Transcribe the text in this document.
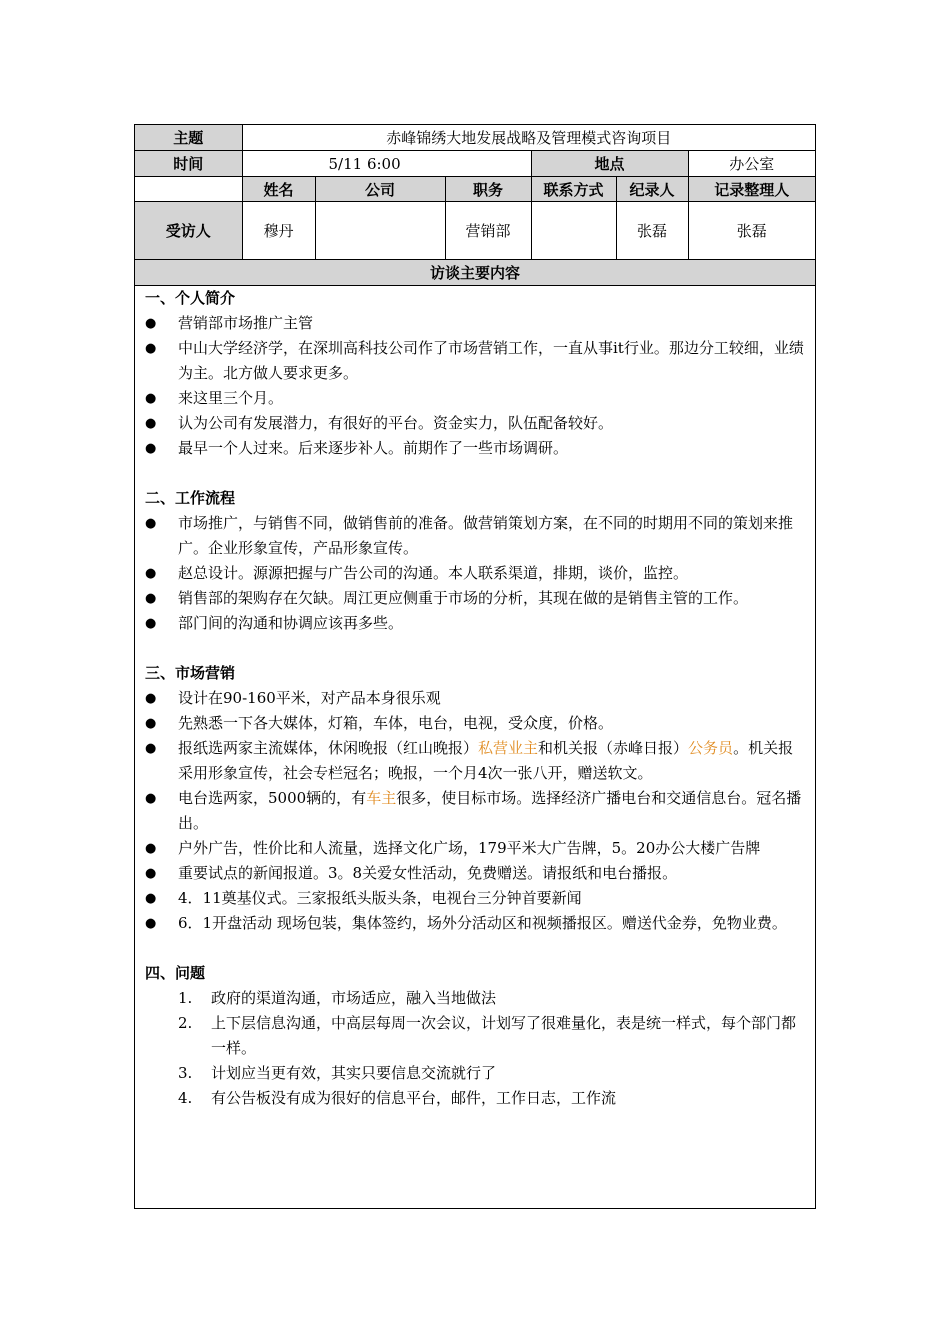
主题	赤峰锦绣大地发展战略及管理模式咨询项目					
时间	5/11 6:00			地点		办公室
	姓名	公司	职务	联系方式	纪录人	记录整理人
受访人	穆丹		营销部		张磊	张磊
访谈主要内容						
一、个人简介
● 营销部市场推广主管
● 中山大学经济学，在深圳高科技公司作了市场营销工作，一直从事it行业。那边分工较细，业绩为主。北方做人要求更多。
● 来这里三个月。
● 认为公司有发展潜力，有很好的平台。资金实力，队伍配备较好。
● 最早一个人过来。后来逐步补人。前期作了一些市场调研。
二、工作流程
● 市场推广，与销售不同，做销售前的准备。做营销策划方案，在不同的时期用不同的策划来推广。企业形象宣传，产品形象宣传。
● 赵总设计。源源把握与广告公司的沟通。本人联系渠道，排期，谈价，监控。
● 销售部的架购存在欠缺。周江更应侧重于市场的分析，其现在做的是销售主管的工作。
● 部门间的沟通和协调应该再多些。
三、市场营销
● 设计在90-160平米，对产品本身很乐观
● 先熟悉一下各大媒体，灯箱，车体，电台，电视，受众度，价格。
● 报纸选两家主流媒体，休闲晚报（红山晚报）私营业主和机关报（赤峰日报）公务员。机关报采用形象宣传，社会专栏冠名；晚报，一个月4次一张八开，赠送软文。
● 电台选两家，5000辆的，有车主很多，使目标市场。选择经济广播电台和交通信息台。冠名播出。
● 户外广告，性价比和人流量，选择文化广场，179平米大广告牌，5。20办公大楼广告牌
● 重要试点的新闻报道。3。8关爱女性活动，免费赠送。请报纸和电台播报。
● 4．11奠基仪式。三家报纸头版头条，电视台三分钟首要新闻
● 6．1开盘活动 现场包装，集体签约，场外分活动区和视频播报区。赠送代金券，免物业费。
四、问题
1. 政府的渠道沟通，市场适应，融入当地做法
2. 上下层信息沟通，中高层每周一次会议，计划写了很难量化，表是统一样式，每个部门都一样。
3. 计划应当更有效，其实只要信息交流就行了
4. 有公告板没有成为很好的信息平台，邮件，工作日志，工作流
